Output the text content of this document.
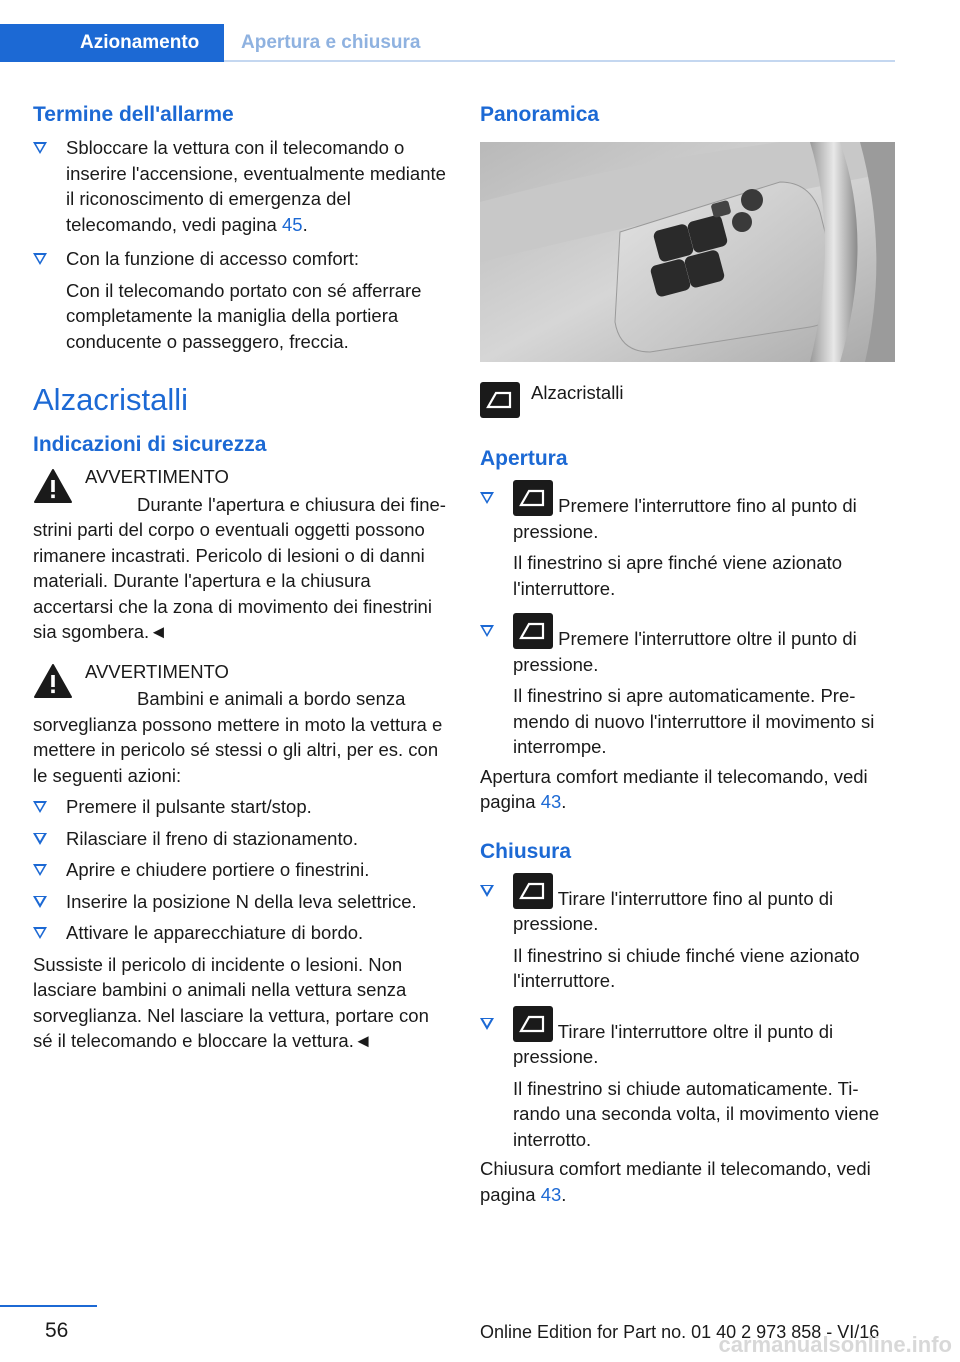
Azionamento	Apertura e chiusura
Termine dell'allarme
Sbloccare la vettura con il telecomando o inserire l'accensione, eventualmente mediante il riconoscimento di emergenza del telecomando, vedi pagina 45.
Con la funzione di accesso comfort:
Con il telecomando portato con sé afferrare completamente la maniglia della portiera conducente o passeggero, freccia.
Alzacristalli
Indicazioni di sicurezza
AVVERTIMENTO
Durante l'apertura e chiusura dei finestrini parti del corpo o eventuali oggetti possono rimanere incastrati. Pericolo di lesioni o di danni materiali. Durante l'apertura e la chiusura accertarsi che la zona di movimento dei finestrini sia sgombera.◄
AVVERTIMENTO
Bambini e animali a bordo senza sorveglianza possono mettere in moto la vettura e mettere in pericolo sé stessi o gli altri, per es. con le seguenti azioni:
Premere il pulsante start/stop.
Rilasciare il freno di stazionamento.
Aprire e chiudere portiere o finestrini.
Inserire la posizione N della leva selettrice.
Attivare le apparecchiature di bordo.
Sussiste il pericolo di incidente o lesioni. Non lasciare bambini o animali nella vettura senza sorveglianza. Nel lasciare la vettura, portare con sé il telecomando e bloccare la vettura.◄
Panoramica
Alzacristalli
Apertura
Premere l'interruttore fino al punto di pressione.
Il finestrino si apre finché viene azionato l'interruttore.
Premere l'interruttore oltre il punto di pressione.
Il finestrino si apre automaticamente. Premendo di nuovo l'interruttore il movimento si interrompe.
Apertura comfort mediante il telecomando, vedi pagina 43.
Chiusura
Tirare l'interruttore fino al punto di pressione.
Il finestrino si chiude finché viene azionato l'interruttore.
Tirare l'interruttore oltre il punto di pressione.
Il finestrino si chiude automaticamente. Tirando una seconda volta, il movimento viene interrotto.
Chiusura comfort mediante il telecomando, vedi pagina 43.
56	Online Edition for Part no. 01 40 2 973 858 - VI/16
carmanualsonline.info
